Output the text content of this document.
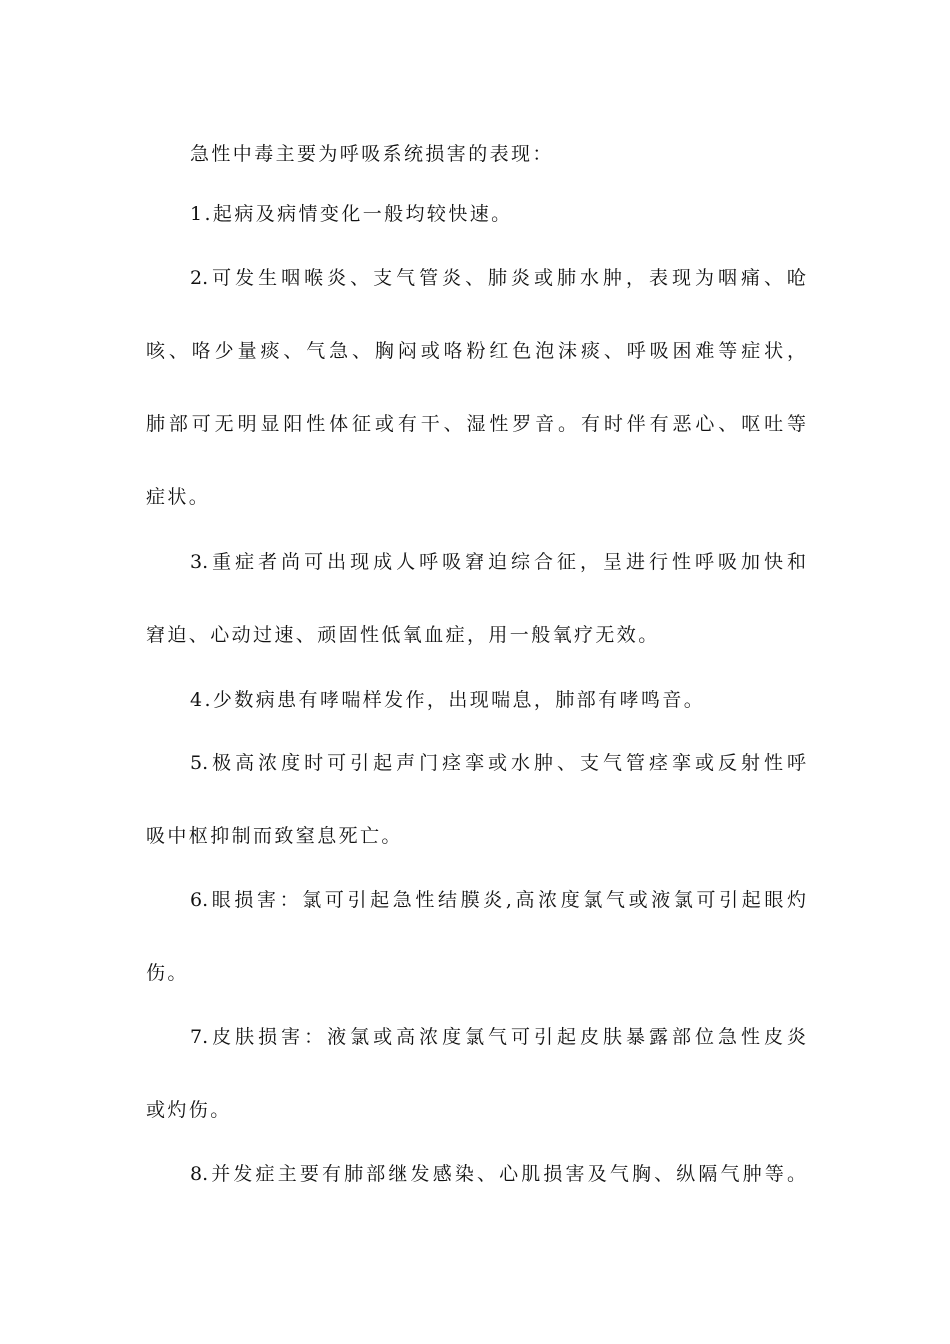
急性中毒主要为呼吸系统损害的表现：
1.起病及病情变化一般均较快速。
2.可发生咽喉炎、支气管炎、肺炎或肺水肿，表现为咽痛、呛
咳、咯少量痰、气急、胸闷或咯粉红色泡沫痰、呼吸困难等症状，
肺部可无明显阳性体征或有干、湿性罗音。有时伴有恶心、呕吐等
症状。
3.重症者尚可出现成人呼吸窘迫综合征，呈进行性呼吸加快和
窘迫、心动过速、顽固性低氧血症，用一般氧疗无效。
4.少数病患有哮喘样发作，出现喘息，肺部有哮鸣音。
5.极高浓度时可引起声门痉挛或水肿、支气管痉挛或反射性呼
吸中枢抑制而致窒息死亡。
6.眼损害：氯可引起急性结膜炎,高浓度氯气或液氯可引起眼灼
伤。
7.皮肤损害：液氯或高浓度氯气可引起皮肤暴露部位急性皮炎
或灼伤。
8.并发症主要有肺部继发感染、心肌损害及气胸、纵隔气肿等。
